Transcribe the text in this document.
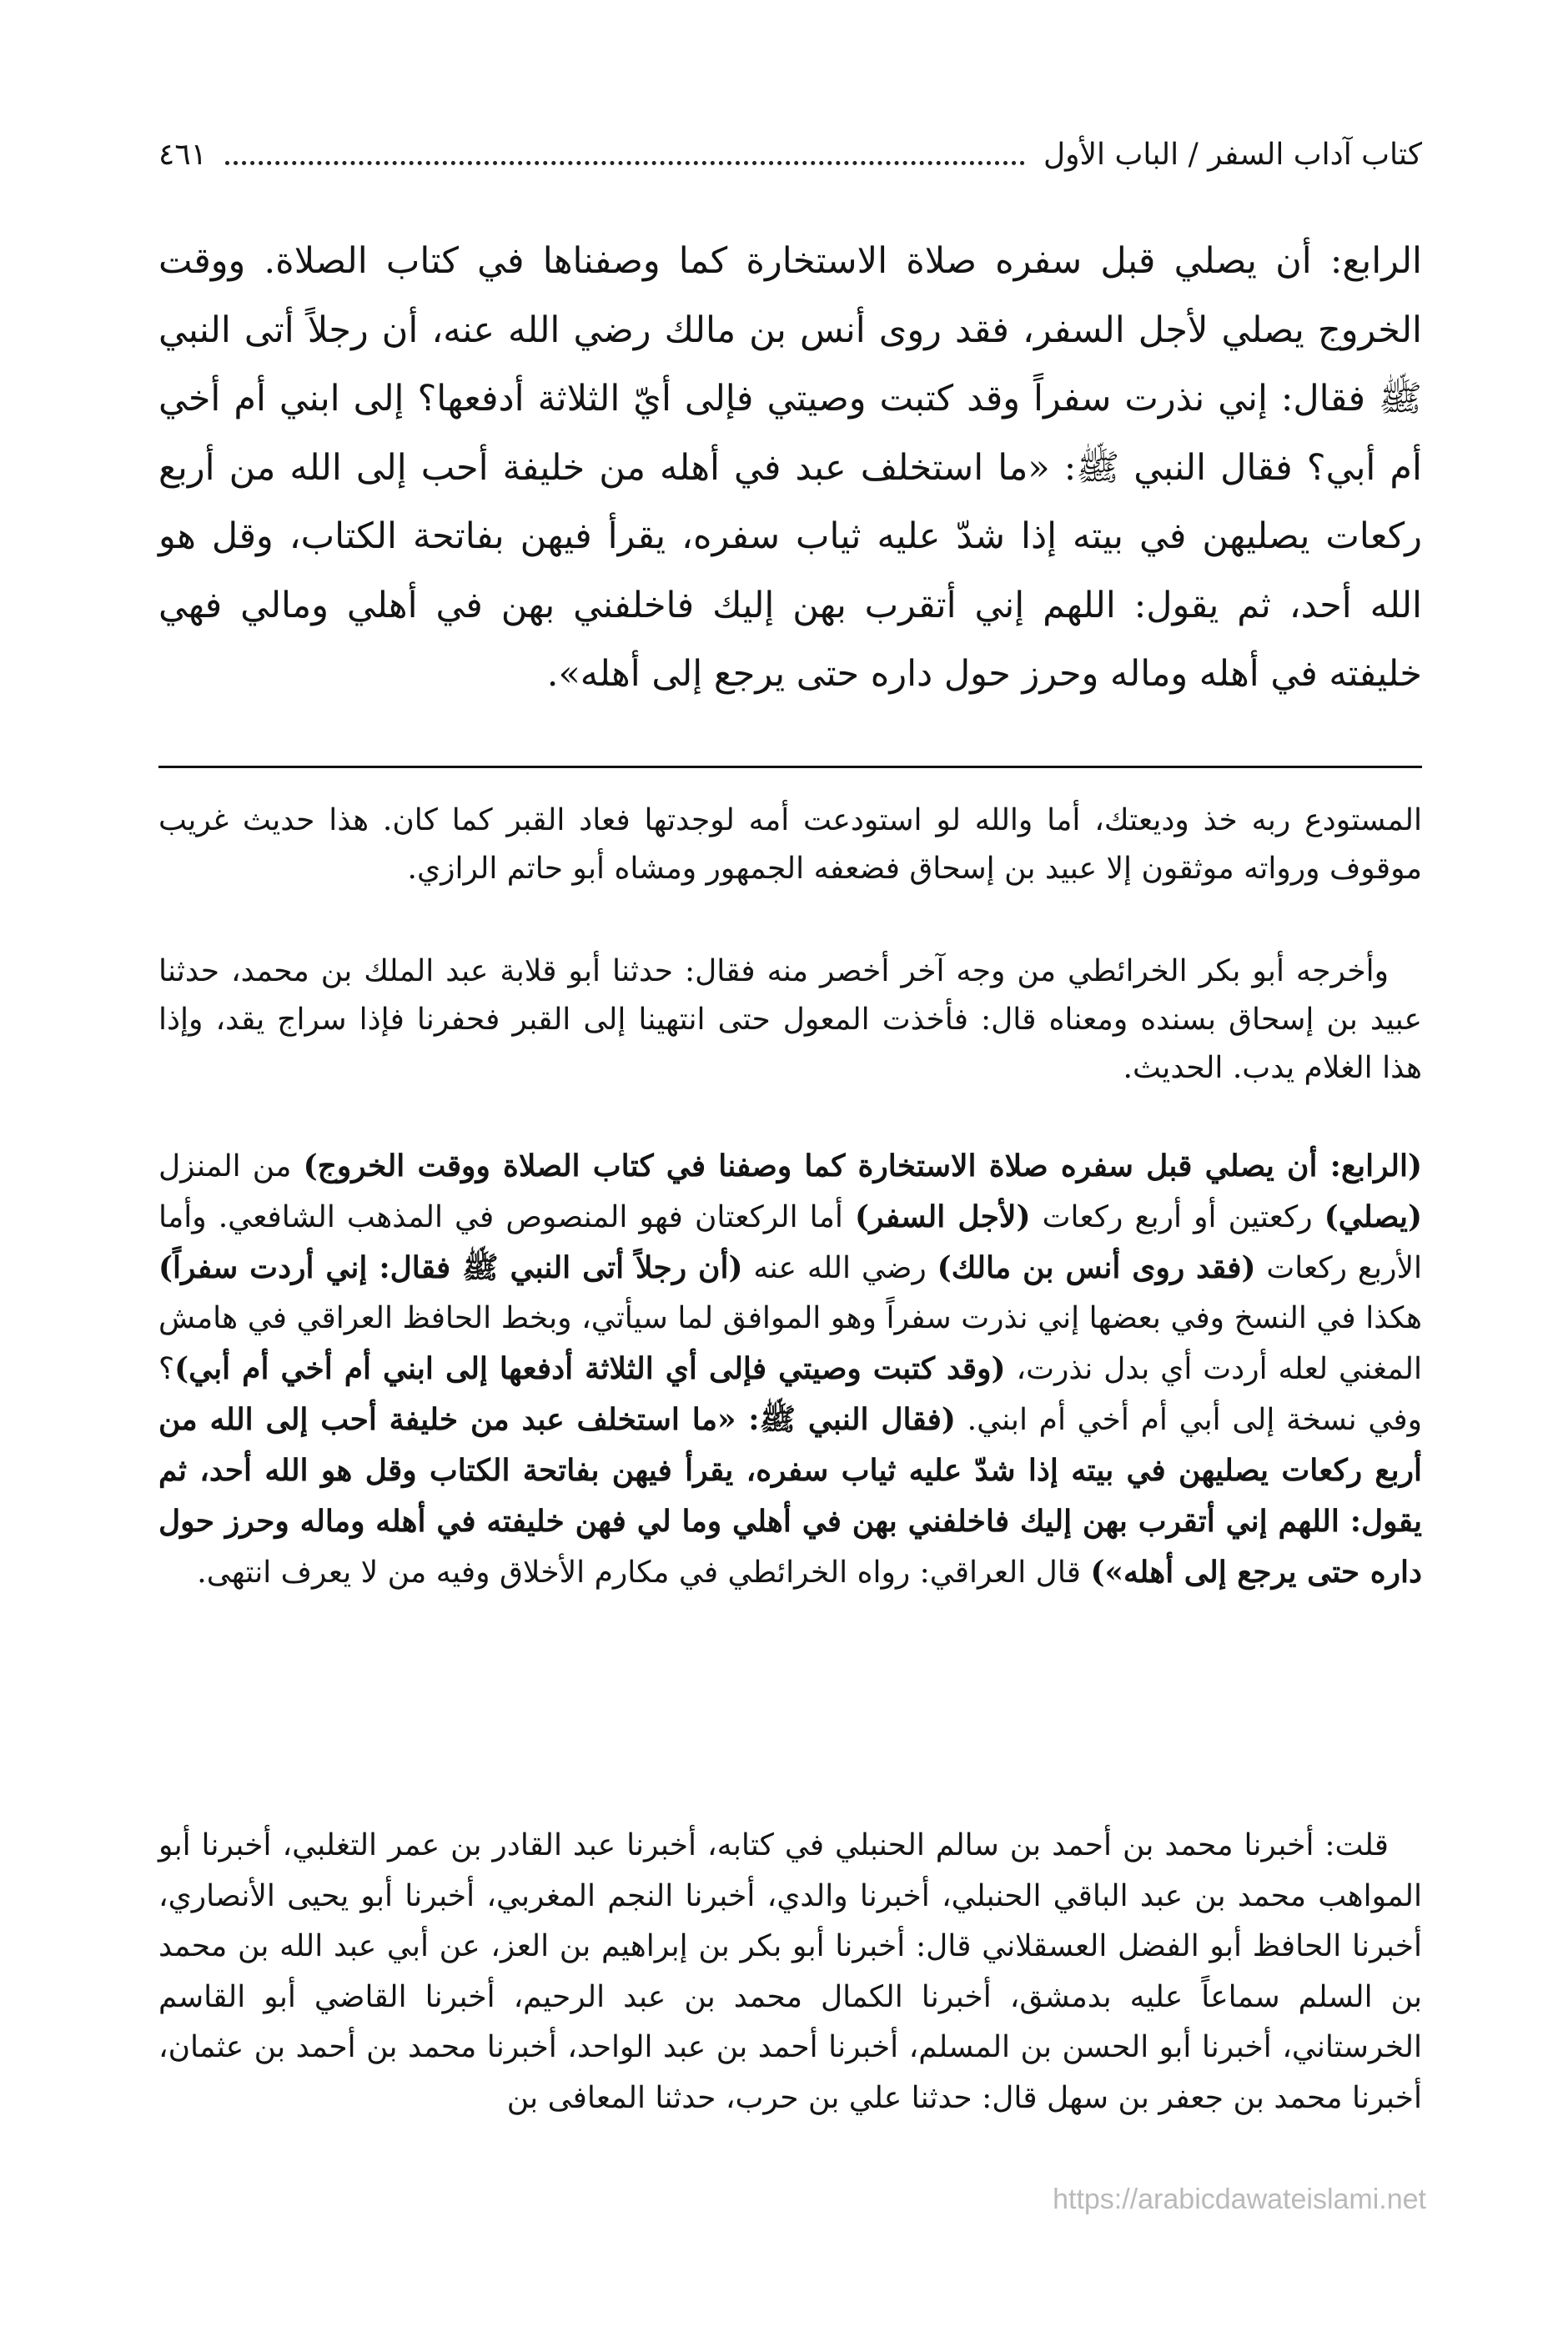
كتاب آداب السفر / الباب الأول
٤٦١

الرابع: أن يصلي قبل سفره صلاة الاستخارة كما وصفناها في كتاب الصلاة. ووقت الخروج يصلي لأجل السفر، فقد روى أنس بن مالك رضي الله عنه، أن رجلاً أتى النبي ﷺ فقال: إني نذرت سفراً وقد كتبت وصيتي فإلى أيّ الثلاثة أدفعها؟ إلى ابني أم أخي أم أبي؟ فقال النبي ﷺ: «ما استخلف عبد في أهله من خليفة أحب إلى الله من أربع ركعات يصليهن في بيته إذا شدّ عليه ثياب سفره، يقرأ فيهن بفاتحة الكتاب، وقل هو الله أحد، ثم يقول: اللهم إني أتقرب بهن إليك فاخلفني بهن في أهلي ومالي فهي خليفته في أهله وماله وحرز حول داره حتى يرجع إلى أهله».

المستودع ربه خذ وديعتك، أما والله لو استودعت أمه لوجدتها فعاد القبر كما كان. هذا حديث غريب موقوف ورواته موثقون إلا عبيد بن إسحاق فضعفه الجمهور ومشاه أبو حاتم الرازي.

وأخرجه أبو بكر الخرائطي من وجه آخر أخصر منه فقال: حدثنا أبو قلابة عبد الملك بن محمد، حدثنا عبيد بن إسحاق بسنده ومعناه قال: فأخذت المعول حتى انتهينا إلى القبر فحفرنا فإذا سراج يقد، وإذا هذا الغلام يدب. الحديث.

(الرابع: أن يصلي قبل سفره صلاة الاستخارة كما وصفنا في كتاب الصلاة ووقت الخروج) من المنزل (يصلي) ركعتين أو أربع ركعات (لأجل السفر) أما الركعتان فهو المنصوص في المذهب الشافعي. وأما الأربع ركعات (فقد روى أنس بن مالك) رضي الله عنه (أن رجلاً أتى النبي ﷺ فقال: إني أردت سفراً) هكذا في النسخ وفي بعضها إني نذرت سفراً وهو الموافق لما سيأتي، وبخط الحافظ العراقي في هامش المغني لعله أردت أي بدل نذرت، (وقد كتبت وصيتي فإلى أي الثلاثة أدفعها إلى ابني أم أخي أم أبي)؟ وفي نسخة إلى أبي أم أخي أم ابني. (فقال النبي ﷺ: «ما استخلف عبد من خليفة أحب إلى الله من أربع ركعات يصليهن في بيته إذا شدّ عليه ثياب سفره، يقرأ فيهن بفاتحة الكتاب وقل هو الله أحد، ثم يقول: اللهم إني أتقرب بهن إليك فاخلفني بهن في أهلي وما لي فهن خليفته في أهله وماله وحرز حول داره حتى يرجع إلى أهله») قال العراقي: رواه الخرائطي في مكارم الأخلاق وفيه من لا يعرف انتهى.

قلت: أخبرنا محمد بن أحمد بن سالم الحنبلي في كتابه، أخبرنا عبد القادر بن عمر التغلبي، أخبرنا أبو المواهب محمد بن عبد الباقي الحنبلي، أخبرنا والدي، أخبرنا النجم المغربي، أخبرنا أبو يحيى الأنصاري، أخبرنا الحافظ أبو الفضل العسقلاني قال: أخبرنا أبو بكر بن إبراهيم بن العز، عن أبي عبد الله بن محمد بن السلم سماعاً عليه بدمشق، أخبرنا الكمال محمد بن عبد الرحيم، أخبرنا القاضي أبو القاسم الخرستاني، أخبرنا أبو الحسن بن المسلم، أخبرنا أحمد بن عبد الواحد، أخبرنا محمد بن أحمد بن عثمان، أخبرنا محمد بن جعفر بن سهل قال: حدثنا علي بن حرب، حدثنا المعافى بن

https://arabicdawateislami.net
